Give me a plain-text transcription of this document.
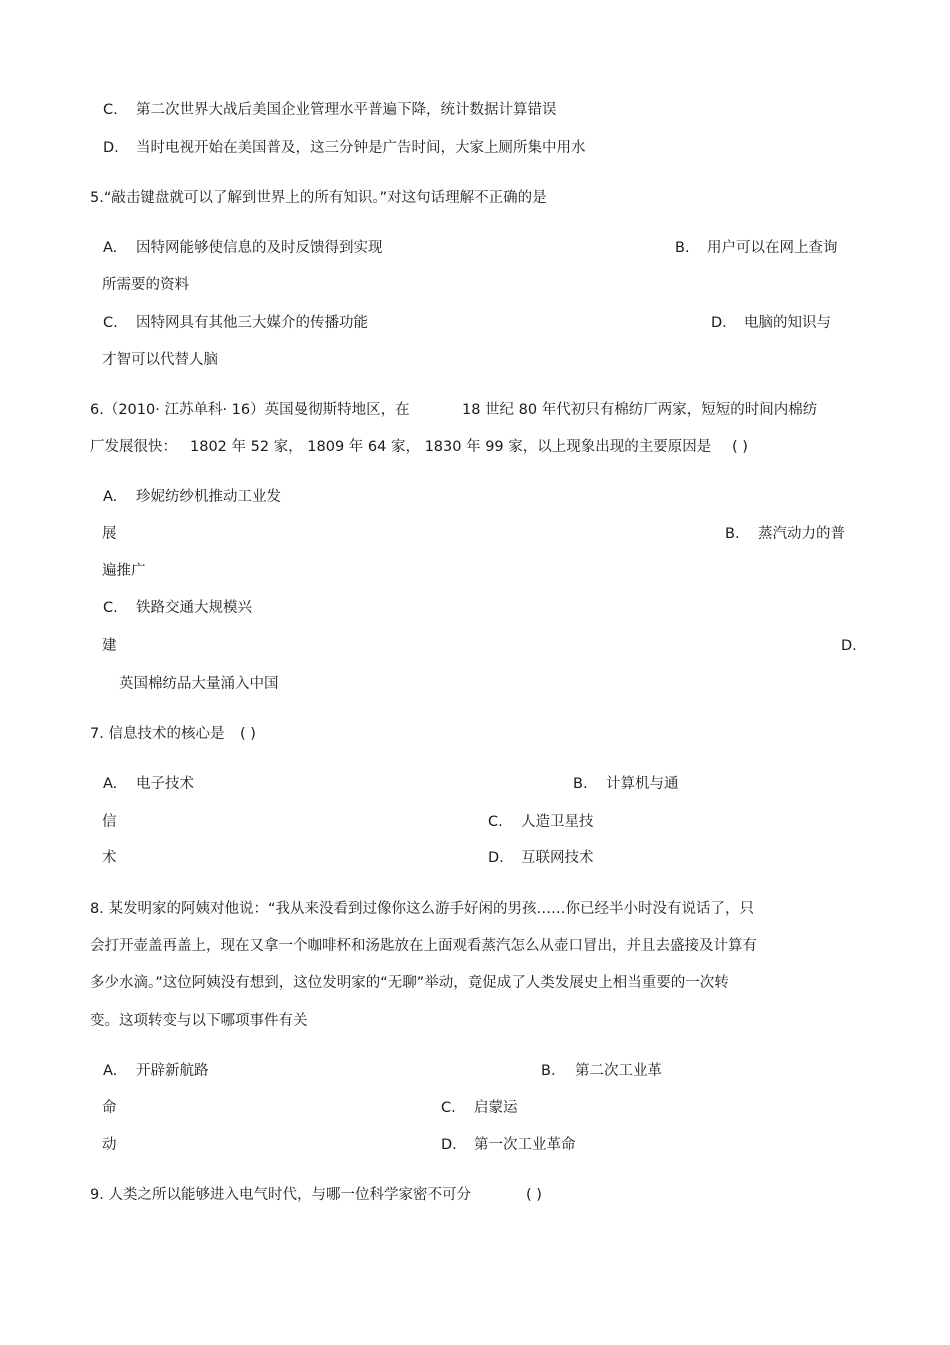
C. 第二次世界大战后美国企业管理水平普遍下降，统计数据计算错误
D. 当时电视开始在美国普及，这三分钟是广告时间，大家上厕所集中用水
5.“敲击键盘就可以了解到世界上的所有知识。”对这句话理解不正确的是
A. 因特网能够使信息的及时反馈得到实现	B. 用户可以在网上查询
所需要的资料
C. 因特网具有其他三大媒介的传播功能	D. 电脑的知识与
才智可以代替人脑
6.（2010· 江苏单科· 16）英国曼彻斯特地区，在	18 世纪 80 年代初只有棉纺厂两家，短短的时间内棉纺
厂发展很快： 1802 年 52 家， 1809 年 64 家， 1830 年 99 家，以上现象出现的主要原因是 ( )
A. 珍妮纺纱机推动工业发
展	B. 蒸汽动力的普
遍推广
C. 铁路交通大规模兴
建	D.
英国棉纺品大量涌入中国
7. 信息技术的核心是 ( )
A. 电子技术	B. 计算机与通
信	C. 人造卫星技
术	D. 互联网技术
8. 某发明家的阿姨对他说：“我从来没看到过像你这么游手好闲的男孩……你已经半小时没有说话了，只
会打开壶盖再盖上，现在又拿一个咖啡杯和汤匙放在上面观看蒸汽怎么从壶口冒出，并且去盛接及计算有
多少水滴。”这位阿姨没有想到，这位发明家的“无聊”举动，竟促成了人类发展史上相当重要的一次转
变。这项转变与以下哪项事件有关
A. 开辟新航路	B. 第二次工业革
命	C. 启蒙运
动	D. 第一次工业革命
9. 人类之所以能够进入电气时代，与哪一位科学家密不可分	( )
